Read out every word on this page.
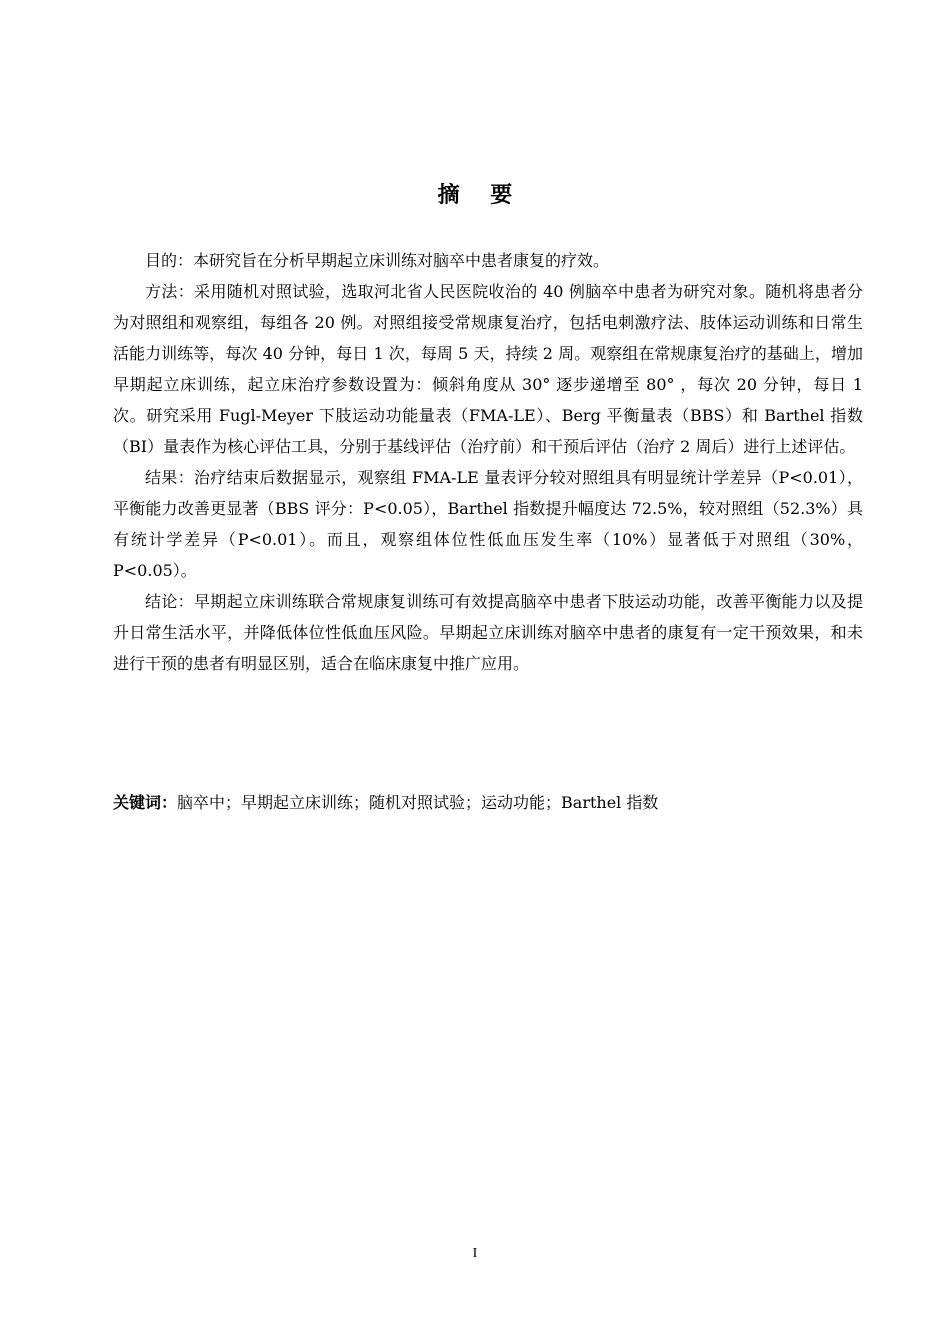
摘    要

目的：本研究旨在分析早期起立床训练对脑卒中患者康复的疗效。

方法：采用随机对照试验，选取河北省人民医院收治的 40 例脑卒中患者为研究对象。随机将患者分为对照组和观察组，每组各 20 例。对照组接受常规康复治疗，包括电刺激疗法、肢体运动训练和日常生活能力训练等，每次 40 分钟，每日 1 次，每周 5 天，持续 2 周。观察组在常规康复治疗的基础上，增加早期起立床训练，起立床治疗参数设置为：倾斜角度从 30° 逐步递增至 80° ，每次 20 分钟，每日 1 次。研究采用 Fugl-Meyer 下肢运动功能量表（FMA-LE）、Berg 平衡量表（BBS）和 Barthel 指数（BI）量表作为核心评估工具，分别于基线评估（治疗前）和干预后评估（治疗 2 周后）进行上述评估。

结果：治疗结束后数据显示，观察组 FMA-LE 量表评分较对照组具有明显统计学差异（P<0.01），平衡能力改善更显著（BBS 评分：P<0.05），Barthel 指数提升幅度达 72.5%，较对照组（52.3%）具有统计学差异（P<0.01）。而且，观察组体位性低血压发生率（10%）显著低于对照组（30%，P<0.05）。

结论：早期起立床训练联合常规康复训练可有效提高脑卒中患者下肢运动功能，改善平衡能力以及提升日常生活水平，并降低体位性低血压风险。早期起立床训练对脑卒中患者的康复有一定干预效果，和未进行干预的患者有明显区别，适合在临床康复中推广应用。

关键词：脑卒中；早期起立床训练；随机对照试验；运动功能；Barthel 指数
I
